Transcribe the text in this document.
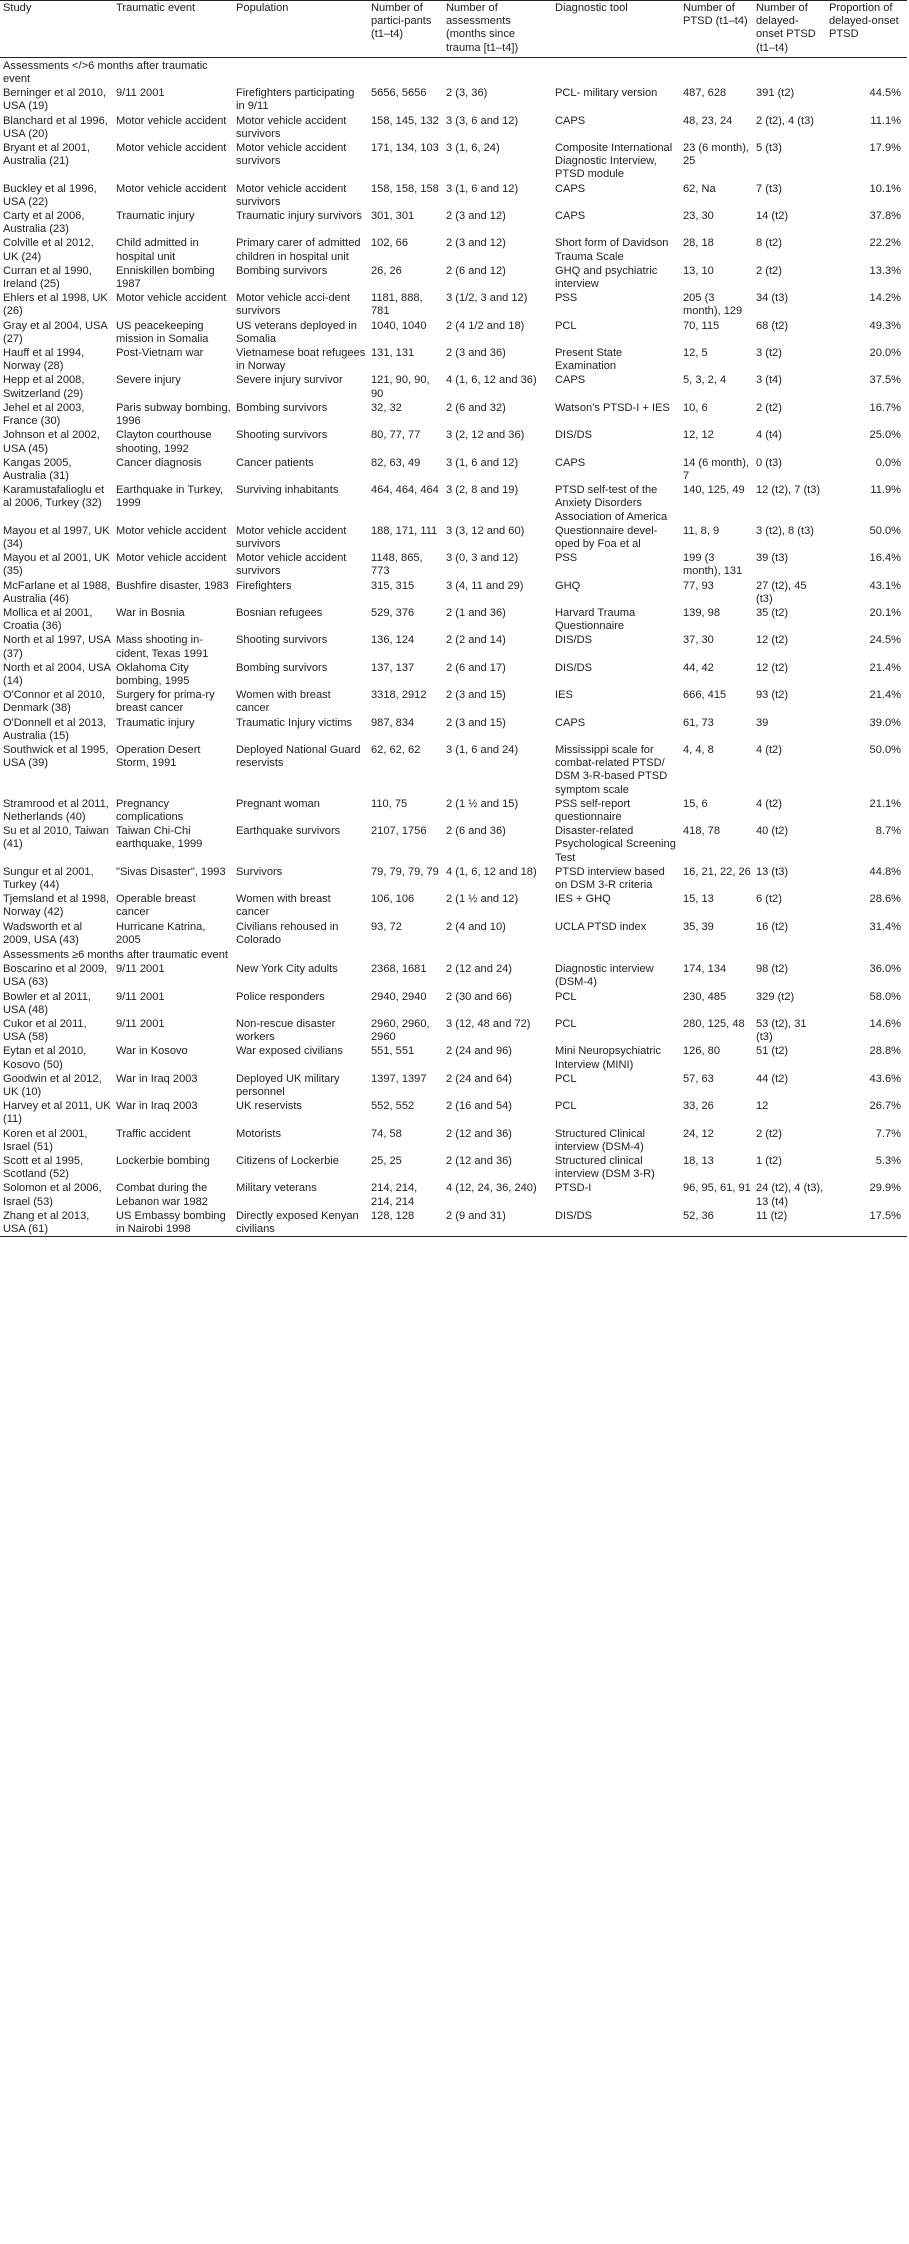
Study	Traumatic event	Population	Number of partici-pants (t1–t4)	Number of assessments (months since trauma [t1–t4])	Diagnostic tool	Number of PTSD (t1–t4)	Number of delayed-onset PTSD (t1–t4)	Proportion of delayed-onset PTSD
Assessments </>6 months after traumatic event								
Berninger et al 2010, USA (19)	9/11 2001	Firefighters participating in 9/11	5656, 5656	2 (3, 36)	PCL- military version	487, 628	391 (t2)	44.5%
Blanchard et al 1996, USA (20)	Motor vehicle accident	Motor vehicle accident survivors	158, 145, 132	3 (3, 6 and 12)	CAPS	48, 23, 24	2 (t2), 4 (t3)	11.1%
Bryant et al 2001, Australia (21)	Motor vehicle accident	Motor vehicle accident survivors	171, 134, 103	3 (1, 6, 24)	Composite International Diagnostic Interview, PTSD module	23 (6 month), 25	5 (t3)	17.9%
Buckley et al 1996, USA (22)	Motor vehicle accident	Motor vehicle accident survivors	158, 158, 158	3 (1, 6 and 12)	CAPS	62, Na	7 (t3)	10.1%
Carty et al 2006, Australia (23)	Traumatic injury	Traumatic injury survivors	301, 301	2 (3 and 12)	CAPS	23, 30	14 (t2)	37.8%
Colville et al 2012, UK (24)	Child admitted in hospital unit	Primary carer of admitted children in hospital unit	102, 66	2 (3 and 12)	Short form of Davidson Trauma Scale	28, 18	8 (t2)	22.2%
Curran et al 1990, Ireland (25)	Enniskillen bombing 1987	Bombing survivors	26, 26	2 (6 and 12)	GHQ and psychiatric interview	13, 10	2 (t2)	13.3%
Ehlers et al 1998, UK (26)	Motor vehicle accident	Motor vehicle acci-dent survivors	1181, 888, 781	3 (1/2, 3 and 12)	PSS	205 (3 month), 129	34 (t3)	14.2%
Gray et al 2004, USA (27)	US peacekeeping mission in Somalia	US veterans deployed in Somalia	1040, 1040	2 (4 1/2 and 18)	PCL	70, 115	68 (t2)	49.3%
Hauff et al 1994, Norway (28)	Post-Vietnam war	Vietnamese boat refugees in Norway	131, 131	2 (3 and 36)	Present State Examination	12, 5	3 (t2)	20.0%
Hepp et al 2008, Switzerland (29)	Severe injury	Severe injury survivor	121, 90, 90, 90	4 (1, 6, 12 and 36)	CAPS	5, 3, 2, 4	3 (t4)	37.5%
Jehel et al 2003, France (30)	Paris subway bombing, 1996	Bombing survivors	32, 32	2 (6 and 32)	Watson's PTSD-I + IES	10, 6	2 (t2)	16.7%
Johnson et al 2002, USA (45)	Clayton courthouse shooting, 1992	Shooting survivors	80, 77, 77	3 (2, 12 and 36)	DIS/DS	12, 12	4 (t4)	25.0%
Kangas 2005, Australia (31)	Cancer diagnosis	Cancer patients	82, 63, 49	3 (1, 6 and 12)	CAPS	14 (6 month), 7	0 (t3)	0.0%
Karamustafalioglu et al 2006, Turkey (32)	Earthquake in Turkey, 1999	Surviving inhabitants	464, 464, 464	3 (2, 8 and 19)	PTSD self-test of the Anxiety Disorders Association of America	140, 125, 49	12 (t2), 7 (t3)	11.9%
Mayou et al 1997, UK (34)	Motor vehicle accident	Motor vehicle accident survivors	188, 171, 111	3 (3, 12 and 60)	Questionnaire devel-oped by Foa et al	11, 8, 9	3 (t2), 8 (t3)	50.0%
Mayou et al 2001, UK (35)	Motor vehicle accident	Motor vehicle accident survivors	1148, 865, 773	3 (0, 3 and 12)	PSS	199 (3 month), 131	39 (t3)	16.4%
McFarlane et al 1988, Australia (46)	Bushfire disaster, 1983	Firefighters	315, 315	3 (4, 11 and 29)	GHQ	77, 93	27 (t2), 45 (t3)	43.1%
Mollica et al 2001, Croatia (36)	War in Bosnia	Bosnian refugees	529, 376	2 (1 and 36)	Harvard Trauma Questionnaire	139, 98	35 (t2)	20.1%
North et al 1997, USA (37)	Mass shooting in-cident, Texas 1991	Shooting survivors	136, 124	2 (2 and 14)	DIS/DS	37, 30	12 (t2)	24.5%
North et al 2004, USA (14)	Oklahoma City bombing, 1995	Bombing survivors	137, 137	2 (6 and 17)	DIS/DS	44, 42	12 (t2)	21.4%
O'Connor et al 2010, Denmark (38)	Surgery for prima-ry breast cancer	Women with breast cancer	3318, 2912	2 (3 and 15)	IES	666, 415	93 (t2)	21.4%
O'Donnell et al 2013, Australia (15)	Traumatic injury	Traumatic Injury victims	987, 834	2 (3 and 15)	CAPS	61, 73	39	39.0%
Southwick et al 1995, USA (39)	Operation Desert Storm, 1991	Deployed National Guard reservists	62, 62, 62	3 (1, 6 and 24)	Mississippi scale for combat-related PTSD/ DSM 3-R-based PTSD symptom scale	4, 4, 8	4 (t2)	50.0%
Stramrood et al 2011, Netherlands (40)	Pregnancy complications	Pregnant woman	110, 75	2 (1 ½ and 15)	PSS self-report questionnaire	15, 6	4 (t2)	21.1%
Su et al 2010, Taiwan (41)	Taiwan Chi-Chi earthquake, 1999	Earthquake survivors	2107, 1756	2 (6 and 36)	Disaster-related Psychological Screening Test	418, 78	40 (t2)	8.7%
Sungur et al 2001, Turkey (44)	"Sivas Disaster", 1993	Survivors	79, 79, 79, 79	4 (1, 6, 12 and 18)	PTSD interview based on DSM 3-R criteria	16, 21, 22, 26	13 (t3)	44.8%
Tjemsland et al 1998, Norway (42)	Operable breast cancer	Women with breast cancer	106, 106	2 (1 ½ and 12)	IES + GHQ	15, 13	6 (t2)	28.6%
Wadsworth et al 2009, USA (43)	Hurricane Katrina, 2005	Civilians rehoused in Colorado	93, 72	2 (4 and 10)	UCLA PTSD index	35, 39	16 (t2)	31.4%
Assessments ≥6 months after traumatic event								
Boscarino et al 2009, USA (63)	9/11 2001	New York City adults	2368, 1681	2 (12 and 24)	Diagnostic interview (DSM-4)	174, 134	98 (t2)	36.0%
Bowler et al 2011, USA (48)	9/11 2001	Police responders	2940, 2940	2 (30 and 66)	PCL	230, 485	329 (t2)	58.0%
Cukor et al 2011, USA (58)	9/11 2001	Non-rescue disaster workers	2960, 2960, 2960	3 (12, 48 and 72)	PCL	280, 125, 48	53 (t2), 31 (t3)	14.6%
Eytan et al 2010, Kosovo (50)	War in Kosovo	War exposed civilians	551, 551	2 (24 and 96)	Mini Neuropsychiatric Interview (MINI)	126, 80	51 (t2)	28.8%
Goodwin et al 2012, UK (10)	War in Iraq 2003	Deployed UK military personnel	1397, 1397	2 (24 and 64)	PCL	57, 63	44 (t2)	43.6%
Harvey et al 2011, UK (11)	War in Iraq 2003	UK reservists	552, 552	2 (16 and 54)	PCL	33, 26	12	26.7%
Koren et al 2001, Israel (51)	Traffic accident	Motorists	74, 58	2 (12 and 36)	Structured Clinical interview (DSM-4)	24, 12	2 (t2)	7.7%
Scott et al 1995, Scotland (52)	Lockerbie bombing	Citizens of Lockerbie	25, 25	2 (12 and 36)	Structured clinical interview (DSM 3-R)	18, 13	1 (t2)	5.3%
Solomon et al 2006, Israel (53)	Combat during the Lebanon war 1982	Military veterans	214, 214, 214, 214	4 (12, 24, 36, 240)	PTSD-I	96, 95, 61, 91	24 (t2), 4 (t3), 13 (t4)	29.9%
Zhang et al 2013, USA (61)	US Embassy bombing in Nairobi 1998	Directly exposed Kenyan civilians	128, 128	2 (9 and 31)	DIS/DS	52, 36	11 (t2)	17.5%
